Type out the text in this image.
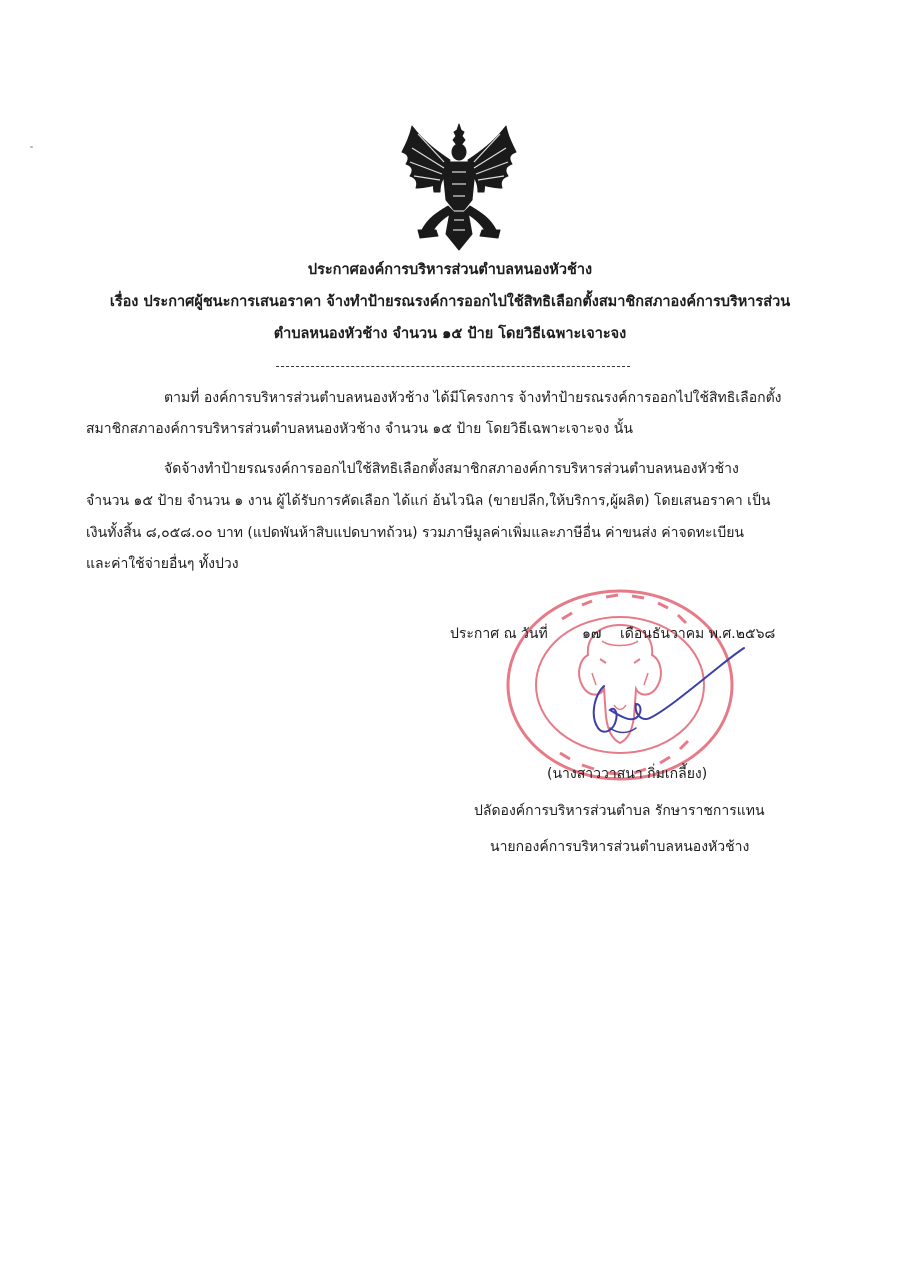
ประกาศองค์การบริหารส่วนตำบลหนองหัวช้าง
เรื่อง ประกาศผู้ชนะการเสนอราคา จ้างทำป้ายรณรงค์การออกไปใช้สิทธิเลือกตั้งสมาชิกสภาองค์การบริหารส่วน
ตำบลหนองหัวช้าง จำนวน ๑๕ ป้าย โดยวิธีเฉพาะเจาะจง
ตามที่ องค์การบริหารส่วนตำบลหนองหัวช้าง ได้มีโครงการ จ้างทำป้ายรณรงค์การออกไปใช้สิทธิเลือกตั้ง
สมาชิกสภาองค์การบริหารส่วนตำบลหนองหัวช้าง จำนวน ๑๕ ป้าย โดยวิธีเฉพาะเจาะจง นั้น
จัดจ้างทำป้ายรณรงค์การออกไปใช้สิทธิเลือกตั้งสมาชิกสภาองค์การบริหารส่วนตำบลหนองหัวช้าง
จำนวน ๑๕ ป้าย จำนวน ๑ งาน ผู้ได้รับการคัดเลือก ได้แก่ อ้นไวนิล (ขายปลีก,ให้บริการ,ผู้ผลิต) โดยเสนอราคา เป็น
เงินทั้งสิ้น ๘,๐๕๘.๐๐ บาท (แปดพันห้าสิบแปดบาทถ้วน) รวมภาษีมูลค่าเพิ่มและภาษีอื่น ค่าขนส่ง ค่าจดทะเบียน
และค่าใช้จ่ายอื่นๆ ทั้งปวง
ประกาศ ณ วันที่ ๑๗ เดือนธันวาคม พ.ศ.๒๕๖๘
(นางสาววาสนา กิ่มเกลี้ยง)
ปลัดองค์การบริหารส่วนตำบล รักษาราชการแทน
นายกองค์การบริหารส่วนตำบลหนองหัวช้าง
